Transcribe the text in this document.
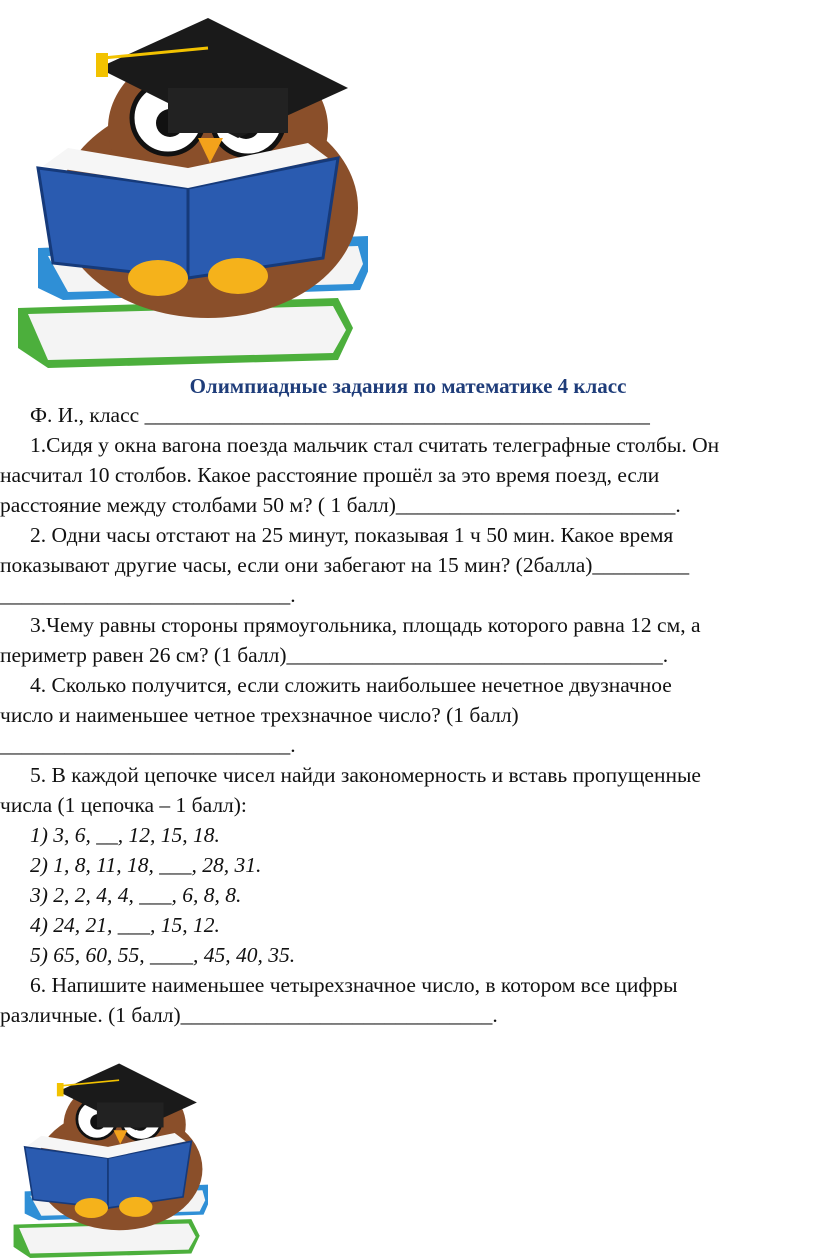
Олимпиадные задания по математике 4 класс

Ф. И., класс _______________________________________________

1.Сидя у окна вагона поезда мальчик стал считать телеграфные столбы. Он

насчитал 10 столбов. Какое расстояние прошёл за это время поезд, если

расстояние между столбами 50 м? ( 1 балл)__________________________.

2. Одни часы отстают на 25 минут, показывая 1 ч 50 мин. Какое время

показывают другие часы, если они забегают на 15 мин? (2балла)_________

___________________________.

3.Чему равны стороны прямоугольника, площадь которого равна 12 см, а

периметр равен 26 см? (1 балл)___________________________________.

4. Сколько получится, если сложить наибольшее нечетное двузначное

число и наименьшее четное трехзначное число? (1 балл)

___________________________.

5. В каждой цепочке чисел найди закономерность и вставь пропущенные

числа (1 цепочка – 1 балл):

1) 3, 6, __, 12, 15, 18.

2) 1, 8, 11, 18, ___, 28, 31.

3) 2, 2, 4, 4, ___, 6, 8, 8.

4) 24, 21, ___, 15, 12.

5) 65, 60, 55, ____, 45, 40, 35.

6. Напишите наименьшее четырехзначное число, в котором все цифры

различные. (1 балл)_____________________________.
